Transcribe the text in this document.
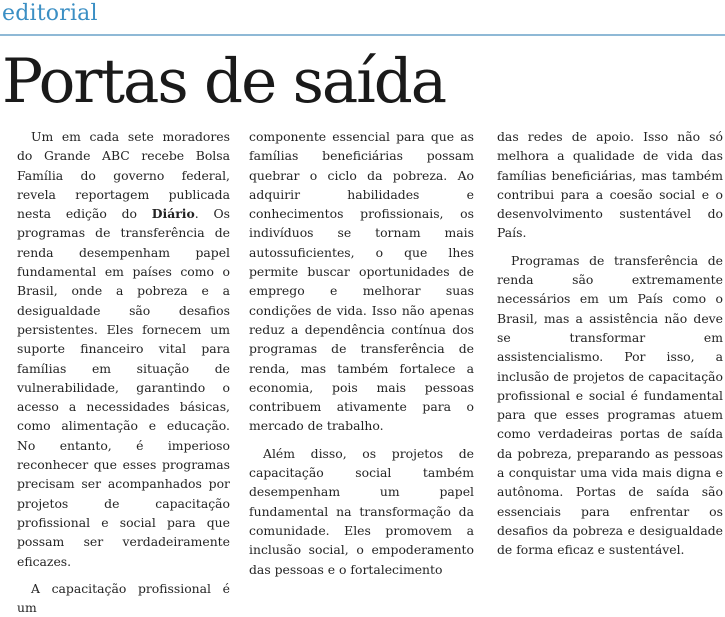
editorial
Portas de saída

Um em cada sete moradores do Grande ABC recebe Bolsa Família do governo federal, revela reportagem publicada nesta edição do Diário. Os programas de transferência de renda desempenham papel fundamental em países como o Brasil, onde a pobreza e a desigualdade são desafios persistentes. Eles fornecem um suporte financeiro vital para famílias em situação de vulnerabilidade, garantindo o acesso a necessidades básicas, como alimentação e educação. No entanto, é imperioso reconhecer que esses programas precisam ser acompanhados por projetos de capacitação profissional e social para que possam ser verdadeiramente eficazes.

A capacitação profissional é um

componente essencial para que as famílias beneficiárias possam quebrar o ciclo da pobreza. Ao adquirir habilidades e conhecimentos profissionais, os indivíduos se tornam mais autossuficientes, o que lhes permite buscar oportunidades de emprego e melhorar suas condições de vida. Isso não apenas reduz a dependência contínua dos programas de transferência de renda, mas também fortalece a economia, pois mais pessoas contribuem ativamente para o mercado de trabalho.

Além disso, os projetos de capacitação social também desempenham um papel fundamental na transformação da comunidade. Eles promovem a inclusão social, o empoderamento das pessoas e o fortalecimento

das redes de apoio. Isso não só melhora a qualidade de vida das famílias beneficiárias, mas também contribui para a coesão social e o desenvolvimento sustentável do País.

Programas de transferência de renda são extremamente necessários em um País como o Brasil, mas a assistência não deve se transformar em assistencialismo. Por isso, a inclusão de projetos de capacitação profissional e social é fundamental para que esses programas atuem como verdadeiras portas de saída da pobreza, preparando as pessoas a conquistar uma vida mais digna e autônoma. Portas de saída são essenciais para enfrentar os desafios da pobreza e desigualdade de forma eficaz e sustentável.
